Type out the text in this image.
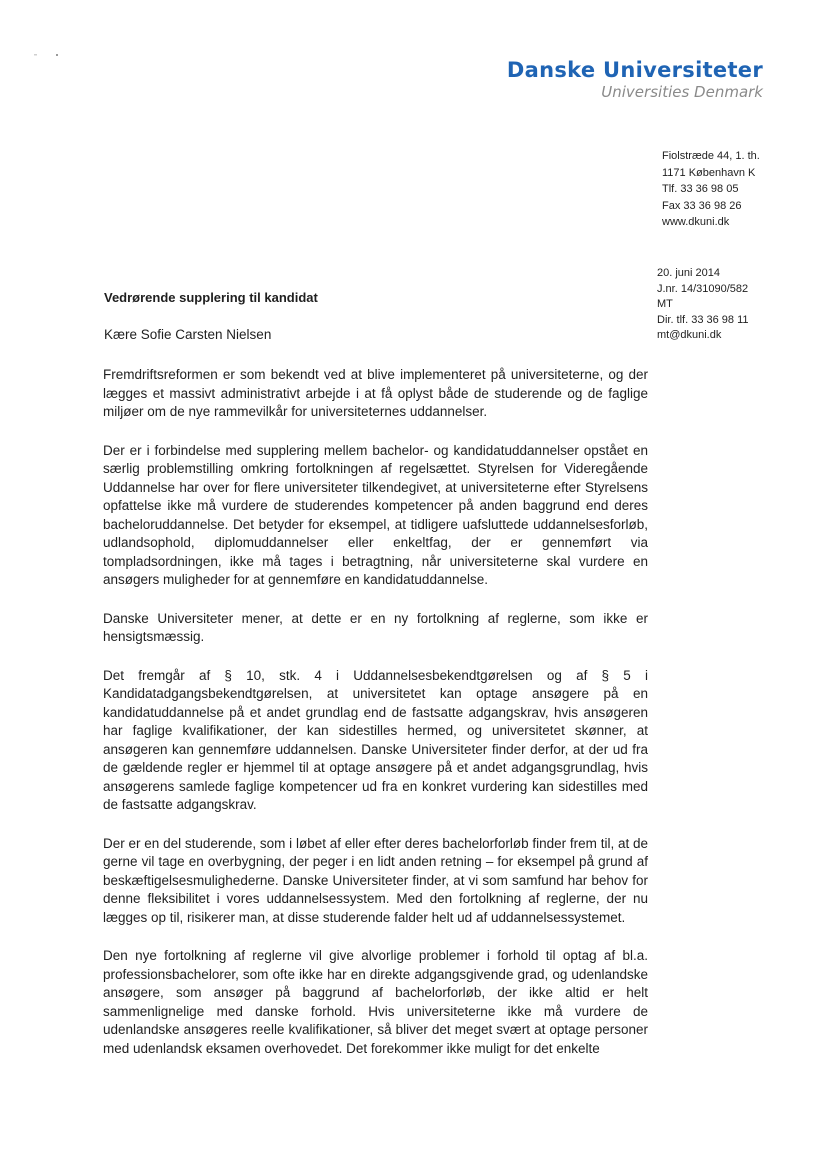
Danske Universiteter
Universities Denmark
Fiolstræde 44, 1. th.
1171 København K
Tlf. 33 36 98 05
Fax 33 36 98 26
www.dkuni.dk
20. juni 2014
J.nr. 14/31090/582
MT
Dir. tlf. 33 36 98 11
mt@dkuni.dk
Vedrørende supplering til kandidat
Kære Sofie Carsten Nielsen

Fremdriftsreformen er som bekendt ved at blive implementeret på universiteterne, og der lægges et massivt administrativt arbejde i at få oplyst både de studerende og de faglige miljøer om de nye rammevilkår for universiteternes uddannelser.

Der er i forbindelse med supplering mellem bachelor- og kandidatuddannelser opstået en særlig problemstilling omkring fortolkningen af regelsættet. Styrelsen for Videregående Uddannelse har over for flere universiteter tilkendegivet, at universiteterne efter Styrelsens opfattelse ikke må vurdere de studerendes kompetencer på anden baggrund end deres bacheloruddannelse. Det betyder for eksempel, at tidligere uafsluttede uddannelsesforløb, udlandsophold, diplomuddannelser eller enkeltfag, der er gennemført via tompladsordningen, ikke må tages i betragtning, når universiteterne skal vurdere en ansøgers muligheder for at gennemføre en kandidatuddannelse.

Danske Universiteter mener, at dette er en ny fortolkning af reglerne, som ikke er hensigtsmæssig.

Det fremgår af § 10, stk. 4 i Uddannelsesbekendtgørelsen og af § 5 i Kandidatadgangsbekendtgørelsen, at universitetet kan optage ansøgere på en kandidatuddannelse på et andet grundlag end de fastsatte adgangskrav, hvis ansøgeren har faglige kvalifikationer, der kan sidestilles hermed, og universitetet skønner, at ansøgeren kan gennemføre uddannelsen. Danske Universiteter finder derfor, at der ud fra de gældende regler er hjemmel til at optage ansøgere på et andet adgangsgrundlag, hvis ansøgerens samlede faglige kompetencer ud fra en konkret vurdering kan sidestilles med de fastsatte adgangskrav.

Der er en del studerende, som i løbet af eller efter deres bachelorforløb finder frem til, at de gerne vil tage en overbygning, der peger i en lidt anden retning – for eksempel på grund af beskæftigelsesmulighederne. Danske Universiteter finder, at vi som samfund har behov for denne fleksibilitet i vores uddannelsessystem. Med den fortolkning af reglerne, der nu lægges op til, risikerer man, at disse studerende falder helt ud af uddannelsessystemet.

Den nye fortolkning af reglerne vil give alvorlige problemer i forhold til optag af bl.a. professionsbachelorer, som ofte ikke har en direkte adgangsgivende grad, og udenlandske ansøgere, som ansøger på baggrund af bachelorforløb, der ikke altid er helt sammenlignelige med danske forhold. Hvis universiteterne ikke må vurdere de udenlandske ansøgeres reelle kvalifikationer, så bliver det meget svært at optage personer med udenlandsk eksamen overhovedet. Det forekommer ikke muligt for det enkelte
